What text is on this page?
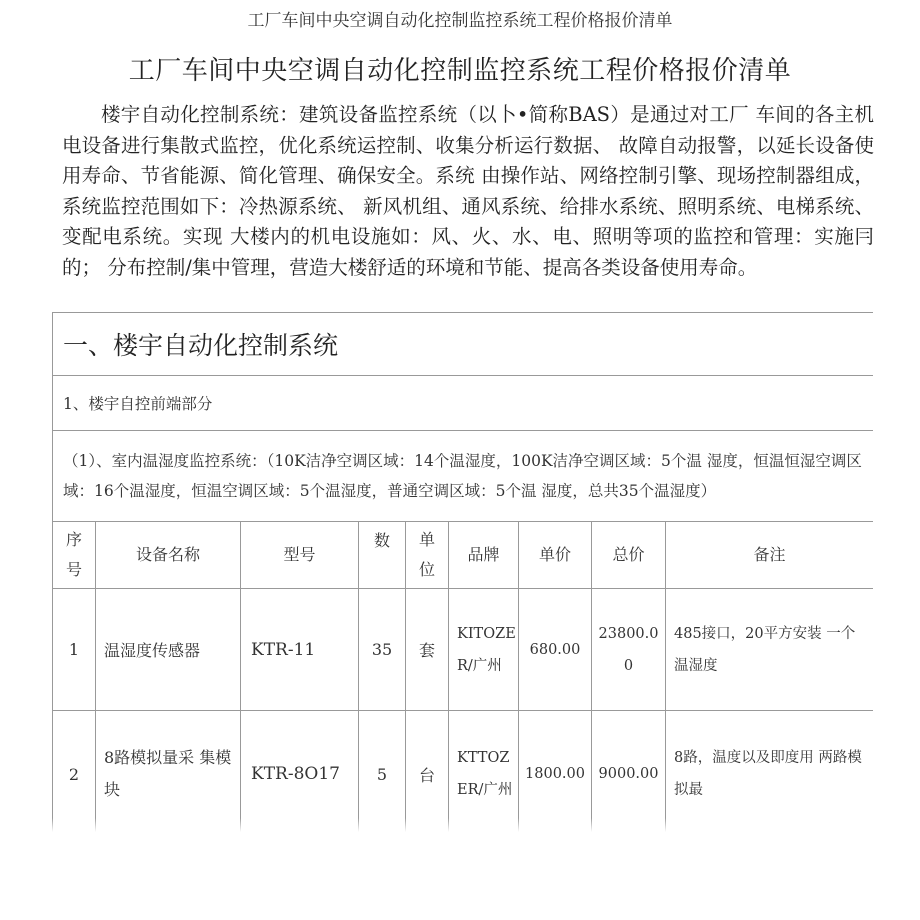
工厂车间中央空调自动化控制监控系统工程价格报价清单
工厂车间中央空调自动化控制监控系统工程价格报价清单

楼宇自动化控制系统：建筑设备监控系统（以卜•简称BAS）是通过对工厂 车间的各主机电设备进行集散式监控，优化系统运控制、收集分析运行数据、 故障自动报警，以延长设备使用寿命、节省能源、简化管理、确保安全。系统 由操作站、网络控制引擎、现场控制器组成，系统监控范围如下：冷热源系统、 新风机组、通风系统、给排水系统、照明系统、电梯系统、变配电系统。实现 大楼内的机电设施如：风、火、水、电、照明等项的监控和管理：实施冃的； 分布控制/集中管理，营造大楼舒适的环境和节能、提高各类设备使用寿命。

一、楼宇自动化控制系统								
1、楼宇自控前端部分								
（1）、室内温湿度监控系统：（10K洁净空调区域：14个温湿度，100K洁净空调区域：5个温 湿度，恒温恒湿空调区域：16个温湿度，恒温空调区域：5个温湿度，普通空调区域：5个温 湿度，总共35个温湿度）								
序号	设备名称	型号	数	单位	品牌	单价	总价	备注
1	温湿度传感器	KTR-11	35	套	KITOZER/广州	680.00	23800.00	485接口，20平方安装 一个温湿度
2	8路模拟量采 集模块	KTR-8O17	5	台	KTTOZER/广州	1800.00	9000.00	8路，温度以及即度用 两路模拟最
